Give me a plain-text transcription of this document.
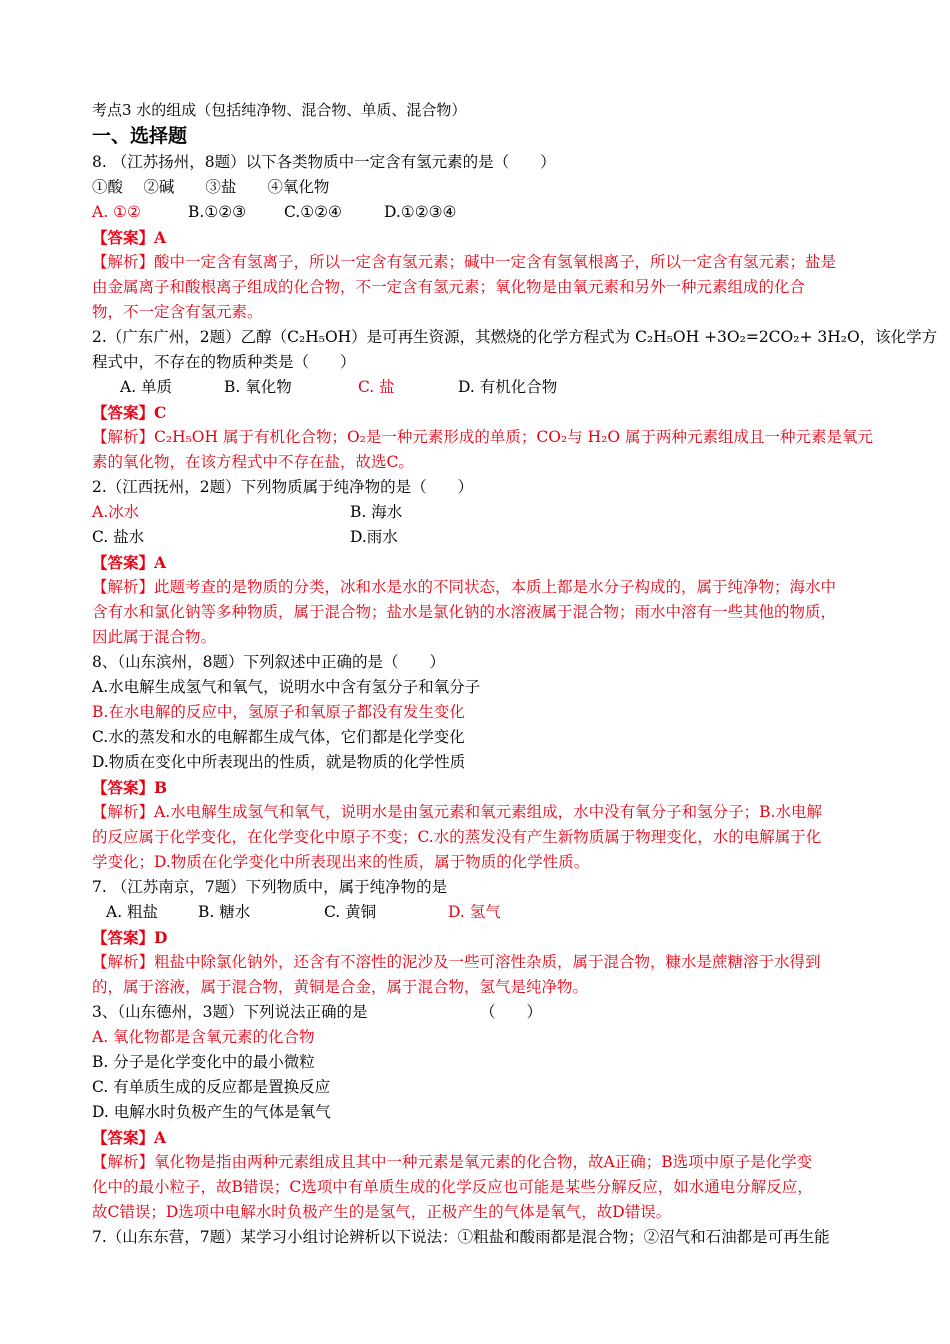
考点3 水的组成（包括纯净物、混合物、单质、混合物）
一、选择题
8. （江苏扬州，8题）以下各类物质中一定含有氢元素的是（　　）
①酸　 ②碱　　③盐　　④氧化物
A. ①②	B.①②③ C.①②④	D.①②③④
【答案】A
【解析】酸中一定含有氢离子，所以一定含有氢元素；碱中一定含有氢氧根离子，所以一定含有氢元素；盐是
由金属离子和酸根离子组成的化合物，不一定含有氢元素；氧化物是由氧元素和另外一种元素组成的化合
物，不一定含有氢元素。
2.（广东广州，2题）乙醇（C₂H₅OH）是可再生资源，其燃烧的化学方程式为 C₂H₅OH +3O₂=2CO₂+ 3H₂O，该化学方
程式中，不存在的物质种类是（　　）
A. 单质	B. 氧化物	C. 盐	D. 有机化合物
【答案】C
【解析】C₂H₅OH 属于有机化合物；O₂是一种元素形成的单质；CO₂与 H₂O 属于两种元素组成且一种元素是氧元
素的氧化物，在该方程式中不存在盐，故选C。
2.（江西抚州，2题）下列物质属于纯净物的是（　　）
A.冰水	B. 海水
C. 盐水	D.雨水
【答案】A
【解析】此题考查的是物质的分类，冰和水是水的不同状态，本质上都是水分子构成的，属于纯净物；海水中
含有水和氯化钠等多种物质，属于混合物；盐水是氯化钠的水溶液属于混合物；雨水中溶有一些其他的物质，
因此属于混合物。
8、（山东滨州，8题）下列叙述中正确的是（　　）
A.水电解生成氢气和氧气，说明水中含有氢分子和氧分子
B.在水电解的反应中，氢原子和氧原子都没有发生变化
C.水的蒸发和水的电解都生成气体，它们都是化学变化
D.物质在变化中所表现出的性质，就是物质的化学性质
【答案】B
【解析】A.水电解生成氢气和氧气，说明水是由氢元素和氧元素组成，水中没有氧分子和氢分子；B.水电解
的反应属于化学变化，在化学变化中原子不变；C.水的蒸发没有产生新物质属于物理变化，水的电解属于化
学变化；D.物质在化学变化中所表现出来的性质，属于物质的化学性质。
7. （江苏南京，7题）下列物质中，属于纯净物的是
A. 粗盐	B. 糖水	C. 黄铜	D. 氢气
【答案】D
【解析】粗盐中除氯化钠外，还含有不溶性的泥沙及一些可溶性杂质，属于混合物，糠水是蔗糖溶于水得到
的，属于溶液，属于混合物，黄铜是合金，属于混合物，氢气是纯净物。
3、（山东德州，3题）下列说法正确的是	（　　）
A. 氧化物都是含氧元素的化合物
B. 分子是化学变化中的最小微粒
C. 有单质生成的反应都是置换反应
D. 电解水时负极产生的气体是氧气
【答案】A
【解析】氧化物是指由两种元素组成且其中一种元素是氧元素的化合物，故A正确；B选项中原子是化学变
化中的最小粒子，故B错误；C选项中有单质生成的化学反应也可能是某些分解反应，如水通电分解反应，
故C错误；D选项中电解水时负极产生的是氢气，正极产生的气体是氧气，故D错误。
7.（山东东营，7题）某学习小组讨论辨析以下说法：①粗盐和酸雨都是混合物；②沼气和石油都是可再生能
